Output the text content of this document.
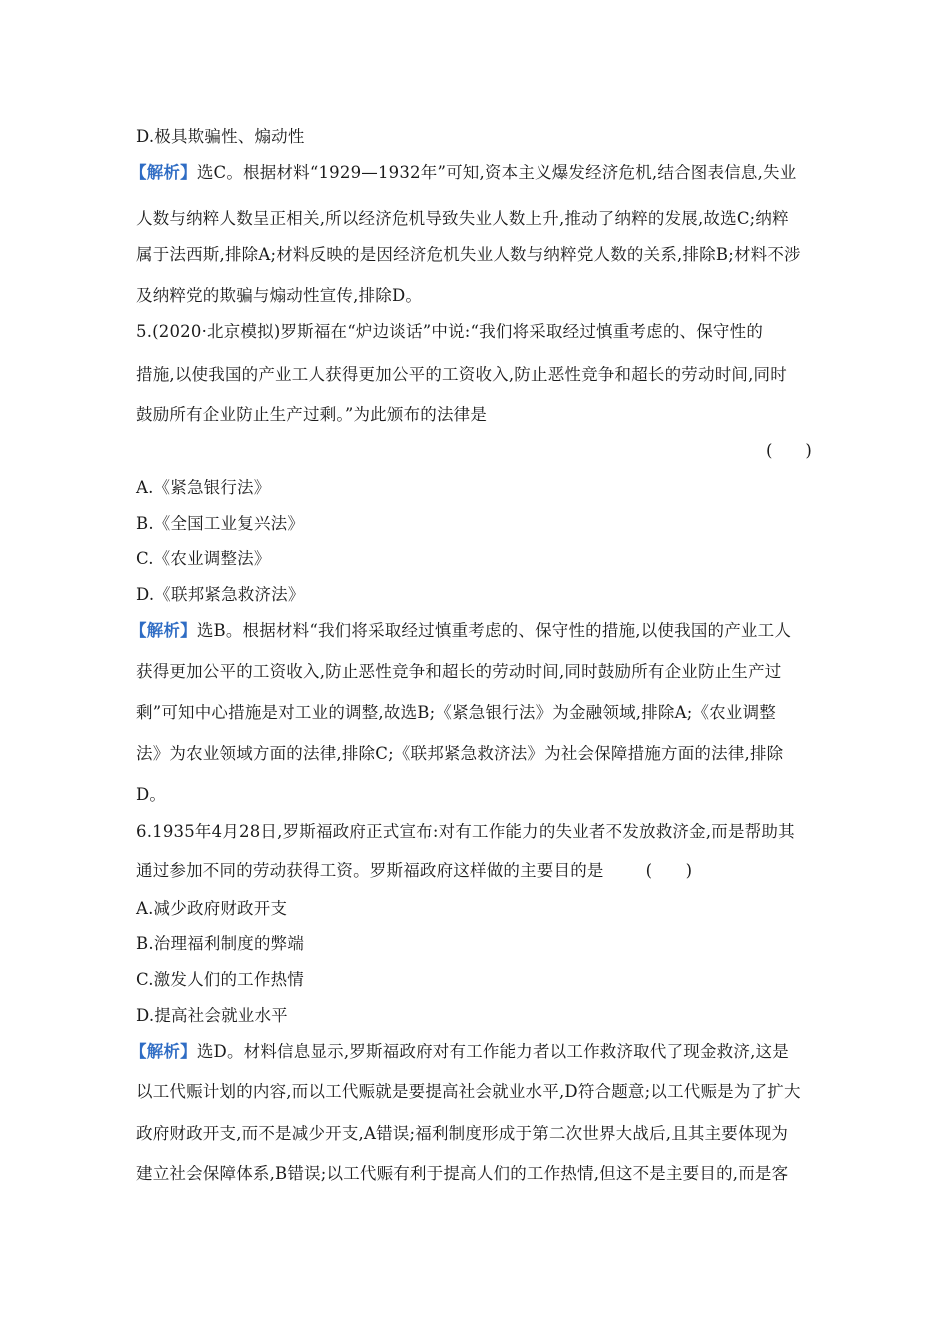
D.极具欺骗性、煽动性
【解析】选C。根据材料“1929—1932年”可知,资本主义爆发经济危机,结合图表信息,失业
人数与纳粹人数呈正相关,所以经济危机导致失业人数上升,推动了纳粹的发展,故选C;纳粹
属于法西斯,排除A;材料反映的是因经济危机失业人数与纳粹党人数的关系,排除B;材料不涉
及纳粹党的欺骗与煽动性宣传,排除D。
5.(2020·北京模拟)罗斯福在“炉边谈话”中说:“我们将采取经过慎重考虑的、保守性的
措施,以使我国的产业工人获得更加公平的工资收入,防止恶性竞争和超长的劳动时间,同时
鼓励所有企业防止生产过剩。”为此颁布的法律是
(　　)
A.《紧急银行法》
B.《全国工业复兴法》
C.《农业调整法》
D.《联邦紧急救济法》
【解析】选B。根据材料“我们将采取经过慎重考虑的、保守性的措施,以使我国的产业工人
获得更加公平的工资收入,防止恶性竞争和超长的劳动时间,同时鼓励所有企业防止生产过
剩”可知中心措施是对工业的调整,故选B;《紧急银行法》为金融领域,排除A;《农业调整
法》为农业领域方面的法律,排除C;《联邦紧急救济法》为社会保障措施方面的法律,排除
D。
6.1935年4月28日,罗斯福政府正式宣布:对有工作能力的失业者不发放救济金,而是帮助其
通过参加不同的劳动获得工资。罗斯福政府这样做的主要目的是	(　　)
A.减少政府财政开支
B.治理福利制度的弊端
C.激发人们的工作热情
D.提高社会就业水平
【解析】选D。材料信息显示,罗斯福政府对有工作能力者以工作救济取代了现金救济,这是
以工代赈计划的内容,而以工代赈就是要提高社会就业水平,D符合题意;以工代赈是为了扩大
政府财政开支,而不是减少开支,A错误;福利制度形成于第二次世界大战后,且其主要体现为
建立社会保障体系,B错误;以工代赈有利于提高人们的工作热情,但这不是主要目的,而是客
